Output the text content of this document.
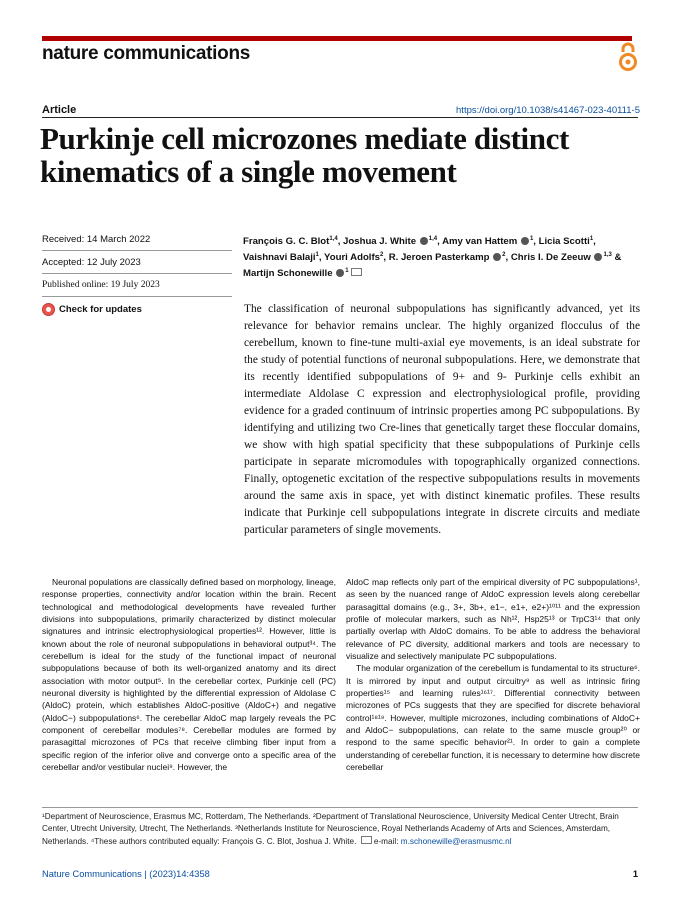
nature communications
Article	https://doi.org/10.1038/s41467-023-40111-5
Purkinje cell microzones mediate distinct kinematics of a single movement
Received: 14 March 2022
Accepted: 12 July 2023
Published online: 19 July 2023
Check for updates
François G. C. Blot$^{1,4}$, Joshua J. White $^{1,4}$, Amy van Hattem $^1$, Licia Scotti$^1$, Vaishnavi Balaji$^1$, Youri Adolfs$^2$, R. Jeroen Pasterkamp $^2$, Chris I. De Zeeuw $^{1,3}$ & Martijn Schonewille $^1$
The classification of neuronal subpopulations has significantly advanced, yet its relevance for behavior remains unclear. The highly organized flocculus of the cerebellum, known to fine-tune multi-axial eye movements, is an ideal substrate for the study of potential functions of neuronal subpopulations. Here, we demonstrate that its recently identified subpopulations of 9+ and 9- Purkinje cells exhibit an intermediate Aldolase C expression and electrophysiological profile, providing evidence for a graded continuum of intrinsic properties among PC subpopulations. By identifying and utilizing two Cre-lines that genetically target these floccular domains, we show with high spatial specificity that these subpopulations of Purkinje cells participate in separate micromodules with topographically organized connections. Finally, optogenetic excitation of the respective subpopulations results in movements around the same axis in space, yet with distinct kinematic profiles. These results indicate that Purkinje cell subpopulations integrate in discrete circuits and mediate particular parameters of single movements.

Neuronal populations are classically defined based on morphology, lineage, response properties, connectivity and/or location within the brain. Recent technological and methodological developments have revealed further divisions into subpopulations, primarily characterized by distinct molecular signatures and intrinsic electrophysiological properties¹². However, little is known about the role of neuronal subpopulations in behavioral output³⁴. The cerebellum is ideal for the study of the functional impact of neuronal subpopulations because of both its well-organized anatomy and its direct association with motor output⁵. In the cerebellar cortex, Purkinje cell (PC) neuronal diversity is highlighted by the differential expression of Aldolase C (AldoC) protein, which establishes AldoC-positive (AldoC+) and negative (AldoC−) subpopulations⁶. The cerebellar AldoC map largely reveals the PC component of cerebellar modules⁷⁸. Cerebellar modules are formed by parasagittal microzones of PCs that receive climbing fiber input from a specific region of the inferior olive and converge onto a specific area of the cerebellar and/or vestibular nuclei⁹. However, the

AldoC map reflects only part of the empirical diversity of PC subpopulations¹, as seen by the nuanced range of AldoC expression levels along cerebellar parasagittal domains (e.g., 3+, 3b+, e1−, e1+, e2+)¹⁰¹¹ and the expression profile of molecular markers, such as Nh¹², Hsp25¹³ or TrpC3¹⁴ that only partially overlap with AldoC domains. To be able to address the behavioral relevance of PC diversity, additional markers and tools are necessary to visualize and selectively manipulate PC subpopulations.

The modular organization of the cerebellum is fundamental to its structure⁶. It is mirrored by input and output circuitry⁹ as well as intrinsic firing properties¹⁵ and learning rules¹⁶¹⁷. Differential connectivity between microzones of PCs suggests that they are specified for discrete behavioral control¹⁸¹⁹. However, multiple microzones, including combinations of AldoC+ and AldoC− subpopulations, can relate to the same muscle group²⁰ or respond to the same specific behavior²¹. In order to gain a complete understanding of cerebellar function, it is necessary to determine how discrete cerebellar

¹Department of Neuroscience, Erasmus MC, Rotterdam, The Netherlands. ²Department of Translational Neuroscience, University Medical Center Utrecht, Brain Center, Utrecht University, Utrecht, The Netherlands. ³Netherlands Institute for Neuroscience, Royal Netherlands Academy of Arts and Sciences, Amsterdam, Netherlands. ⁴These authors contributed equally: François G. C. Blot, Joshua J. White. e-mail: m.schonewille@erasmusmc.nl
Nature Communications | (2023)14:4358	1
